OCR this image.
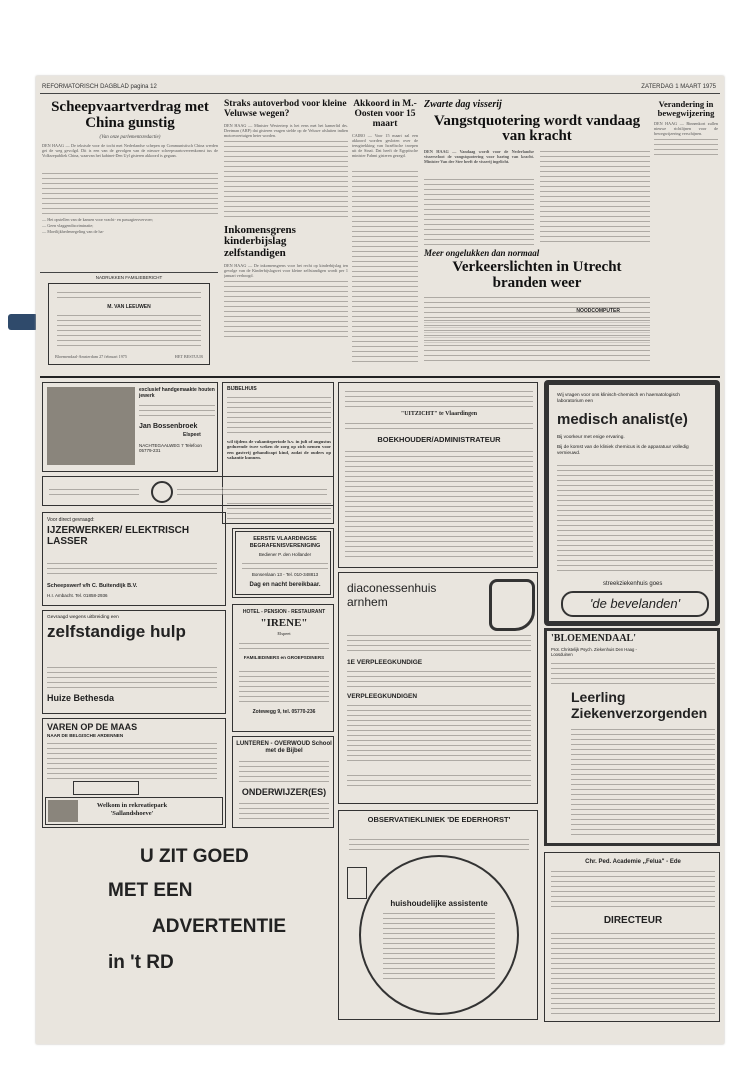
REFORMATORISCH DAGBLAD pagina 12	ZATERDAG 1 MAART 1975
Scheepvaartverdrag met China gunstig
(Van onze parlementsredactie)
DEN HAAG — De tekstsde voor de tocht met Nederlandse schepen op Communistisch China werden gei de weg gevolgd. Dit is een van de gevolgen van de nieuwe scheepvaartovereenkomst tus de Volksrepubliek China, waarvan het kabinet-Den Uyl gisteren akkoord is gegaan.
— Het opstellen van de kansen voor vracht- en passagiersvervoer;
— Geen vlaggendiscriminatie;
— Moeilijkhedenregeling van de ha-
NADRUKKEN FAMILIEBERICHT
M. VAN LEEUWEN
Bloemendaal-Amsterdam 27 februari 1975	HET BESTUUR
Straks autoverbod voor kleine Veluwse wegen?
DEN HAAG — Minister Westerterp is het eens met het kamerlid drs. Deetman (ARP) dat gisteren vragen stelde op de Veluwe afsluiten indien motorvoertuigen heter worden.
Inkomensgrens kinderbijslag zelfstandigen
DEN HAAG — De inkomensgrens voor het recht op kinderbijslag ten gevolge van de Kinderbijslagwet voor kleine zelfstandigen wordt per 1 januari verhoogd.
Akkoord in M.-Oosten voor 15 maart
CAIRO — Voor 15 maart zal een akkoord worden gesloten over de terugtrekking van Israëlische troepen uit de Sinaï. Dat heeft de Egyptische minister Fahmi gisteren gezegd.
Zwarte dag visserij
Vangstquotering wordt vandaag van kracht
DEN HAAG — Vandaag wordt voor de Nederlandse vissersvloot de vangstquotering voor haring van kracht. Minister Van der Stee heeft de visserij ingelicht.
Meer ongelukken dan normaal
Verkeerslichten in Utrecht branden weer
NOODCOMPUTER
Verandering in bewegwijzering
DEN HAAG — Binnenkort zullen nieuwe richtlijnen voor de bewegwijzering verschijnen.
exclusief handgemaakte houten jewerk
Jan Bossenbroek
Elspeet
NACHTEGAALWEG 7 Telefoon 05779-231
BIJBELHUIS
wil tijdens de vakantieperiode h.v. in juli of augustus gedurende twee weken de zorg op zich nemen voor een gastvrij gehandicapt kind, zodat de ouders op vakantie kunnen.
"UITZICHT" te Vlaardingen
BOEKHOUDER/ADMINISTRATEUR
Wij vragen voor ons klinisch-chemisch en haematologisch laboratorium een
medisch analist(e)
Bij voorkeur met enige ervaring.
Bij de komst van de kliniek chemicus is de apparatuur volledig vernieuwd.
streekziekenhuis goes
'de bevelanden'
Voor direct gevraagd:
IJZERWERKER/ ELEKTRISCH LASSER
Scheepswerf v/h C. Buitendijk B.V.
H.I. Ambacht. Tel. 01858-2936
EERSTE VLAARDINGSE BEGRAFENISVERENIGING
Bediener P. den Hollander
Bonsenlaan 13 - Tel. 010-348813
Dag en nacht bereikbaar.	diaconessenhuis arnhem
1E VERPLEEGKUNDIGE
VERPLEEGKUNDIGEN
Gevraagd wegens uitbreiding een
zelfstandige hulp
Huize Bethesda
HOTEL - PENSION - RESTAURANT
"IRENE"
Elspeet
FAMILIEDINERS en GROEPSDINERS
Zotewegg 9, tel. 05770-236
'BLOEMENDAAL'
Prot. Christelijk Psych. Ziekenhuis Den Haag - Loosduinen
Leerling Ziekenverzorgenden
VAREN OP DE MAAS
NAAR DE BELGISCHE ARDENNEN
Welkom in rekreatiepark 'Sallandshoeve'
LUNTEREN - OVERWOUD School met de Bijbel
ONDERWIJZER(ES)
OBSERVATIEKLINIEK 'DE EDERHORST'
huishoudelijke assistente
Chr. Ped. Academie ,,Felua" - Ede
DIRECTEUR
U ZIT GOED
MET EEN
ADVERTENTIE
in 't RD
